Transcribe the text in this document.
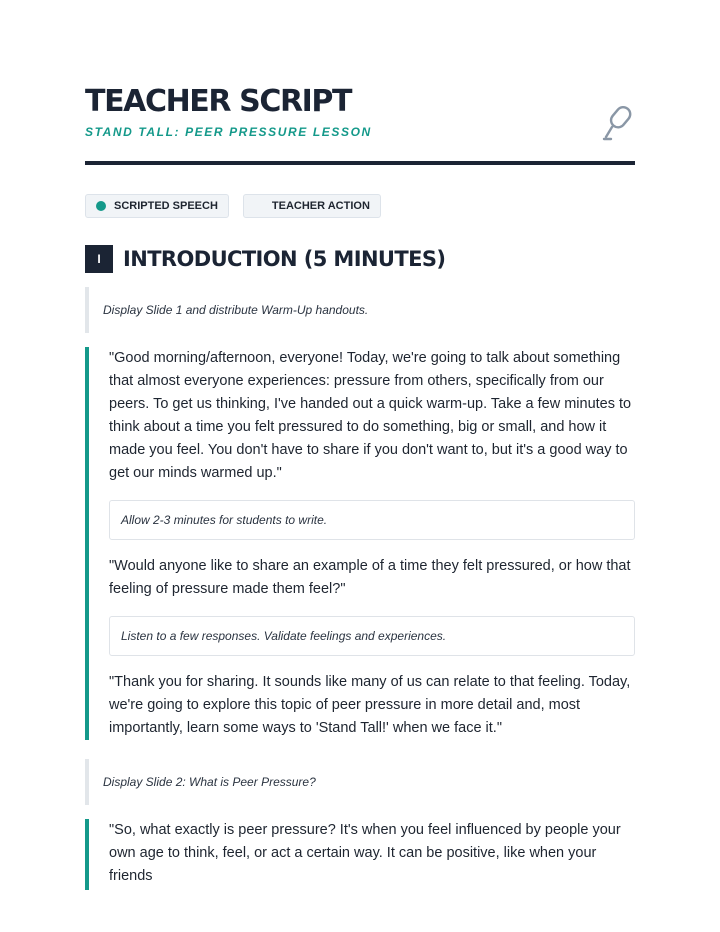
TEACHER SCRIPT
STAND TALL: PEER PRESSURE LESSON
SCRIPTED SPEECH	TEACHER ACTION
I	INTRODUCTION (5 MINUTES)
Display Slide 1 and distribute Warm-Up handouts.

"Good morning/afternoon, everyone! Today, we're going to talk about something that almost everyone experiences: pressure from others, specifically from our peers. To get us thinking, I've handed out a quick warm-up. Take a few minutes to think about a time you felt pressured to do something, big or small, and how it made you feel. You don't have to share if you don't want to, but it's a good way to get our minds warmed up."

Allow 2-3 minutes for students to write.

"Would anyone like to share an example of a time they felt pressured, or how that feeling of pressure made them feel?"

Listen to a few responses. Validate feelings and experiences.

"Thank you for sharing. It sounds like many of us can relate to that feeling. Today, we're going to explore this topic of peer pressure in more detail and, most importantly, learn some ways to 'Stand Tall!' when we face it."

Display Slide 2: What is Peer Pressure?

"So, what exactly is peer pressure? It's when you feel influenced by people your own age to think, feel, or act a certain way. It can be positive, like when your friends
